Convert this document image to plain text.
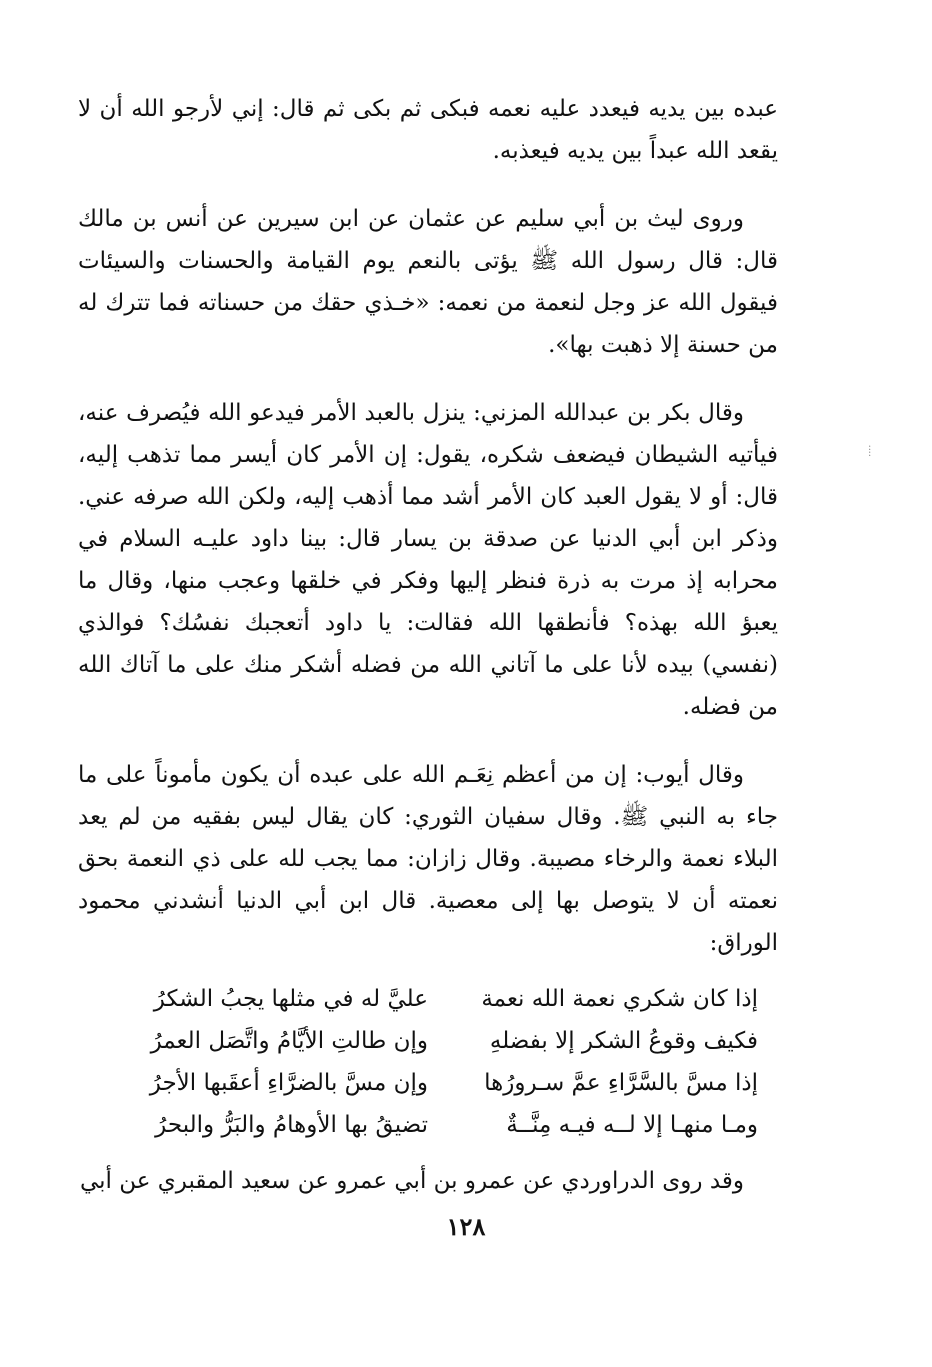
عبده بين يديه فيعدد عليه نعمه فبكى ثم بكى ثم قال: إني لأرجو الله أن لا يقعد الله عبداً بين يديه فيعذبه.

وروى ليث بن أبي سليم عن عثمان عن ابن سيرين عن أنس بن مالك قال: قال رسول الله ﷺ يؤتى بالنعم يوم القيامة والحسنات والسيئات فيقول الله عز وجل لنعمة من نعمه: «خـذي حقك من حسناته فما تترك له من حسنة إلا ذهبت بها».

وقال بكر بن عبدالله المزني: ينزل بالعبد الأمر فيدعو الله فيُصرف عنه، فيأتيه الشيطان فيضعف شكره، يقول: إن الأمر كان أيسر مما تذهب إليه، قال: أو لا يقول العبد كان الأمر أشد مما أذهب إليه، ولكن الله صرفه عني. وذكر ابن أبي الدنيا عن صدقة بن يسار قال: بينا داود عليـه السلام في محرابه إذ مرت به ذرة فنظر إليها وفكر في خلقها وعجب منها، وقال ما يعبؤ الله بهذه؟ فأنطقها الله فقالت: يا داود أتعجبك نفسُك؟ فوالذي (نفسي) بيده لأنا على ما آتاني الله من فضله أشكر منك على ما آتاك الله من فضله.

وقال أيوب: إن من أعظم نِعَـم الله على عبده أن يكون مأموناً على ما جاء به النبي ﷺ. وقال سفيان الثوري: كان يقال ليس بفقيه من لم يعد البلاء نعمة والرخاء مصيبة. وقال زازان: مما يجب لله على ذي النعمة بحق نعمته أن لا يتوصل بها إلى معصية. قال ابن أبي الدنيا أنشدني محمود الوراق:

إذا كان شكري نعمة الله نعمة
عليَّ له في مثلها يجبُ الشكرُ
فكيف وقوعُ الشكر إلا بفضلهِ
وإن طالتِ الأيَّامُ واتَّصَل العمرُ
إذا مسَّ بالسَّرَّاءِ عمَّ سـرورُها
وإن مسَّ بالضرَّاءِ أعقَبها الأجرُ
ومـا منهـا إلا لــه فيـه مِنَّــةٌ
تضيقُ بها الأوهامُ والبَرُّ والبحرُ

وقد روى الدراوردي عن عمرو بن أبي عمرو عن سعيد المقبري عن أبي

: :
١٢٨
